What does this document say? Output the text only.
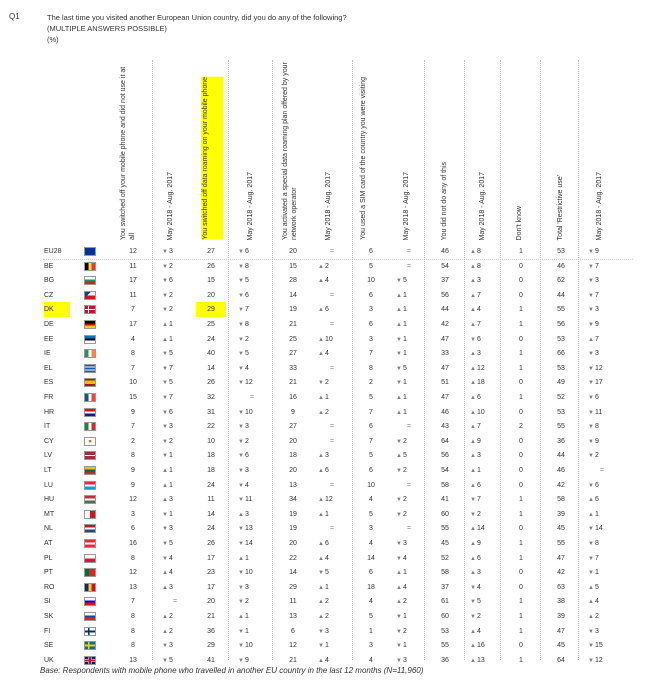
Q1	The last time you visited another European Union country, did you do any of the following?
(MULTIPLE ANSWERS POSSIBLE)
(%)
You switched off your mobile phone and did not use it at all	May 2018 - Aug. 2017	You switched off data roaming on your mobile phone	May 2018 - Aug. 2017	You activated a special data roaming plan offered by your network operator	May 2018 - Aug. 2017	You used a SIM card of the country you were visiting	May 2018 - Aug. 2017	You did not do any of this	May 2018 - Aug. 2017	Don't know	Total 'Restrictive use'	May 2018 - Aug. 2017
EU28	12	▼3	27	▼6	20	=	6	=	46	▲8	1	53	▼9
BE	11	▼2	26	▼8	15	▲2	5	=	54	▲8	0	46	▼7
BG	17	▼6	15	▼5	28	▲4	10	▼5	37	▲3	0	62	▼3
CZ	11	▼2	20	▼6	14	=	6	▲1	56	▲7	0	44	▼7
DK	7	▼2	29	▼7	19	▲6	3	▲1	44	▲4	1	55	▼3
DE	17	▲1	25	▼8	21	=	6	▲1	42	▲7	1	56	▼9
EE	4	▲1	24	▼2	25	▲10	3	▼1	47	▼6	0	53	▲7
IE	8	▼5	40	▼5	27	▲4	7	▼1	33	▲3	1	66	▼3
EL	7	▼7	14	▼4	33	=	8	▼5	47	▲12	1	53	▼12
ES	10	▼5	26	▼12	21	▼2	2	▼1	51	▲18	0	49	▼17
FR	15	▼7	32	=	16	▲1	5	▲1	47	▲6	1	52	▼6
HR	9	▼6	31	▼10	9	▲2	7	▲1	46	▲10	0	53	▼11
IT	7	▼3	22	▼3	27	=	6	=	43	▲7	2	55	▼8
CY	2	▼2	10	▼2	20	=	7	▼2	64	▲9	0	36	▼9
LV	8	▼1	18	▼6	18	▲3	5	▲5	56	▲3	0	44	▼2
LT	9	▲1	18	▼3	20	▲6	6	▼2	54	▲1	0	46	=
LU	9	▲1	24	▼4	13	=	10	=	58	▲6	0	42	▼6
HU	12	▲3	11	▼11	34	▲12	4	▼2	41	▼7	1	58	▲6
MT	3	▼1	14	▲3	19	▲1	5	▼2	60	▼2	1	39	▲1
NL	6	▼3	24	▼13	19	=	3	=	55	▲14	0	45	▼14
AT	16	▼5	26	▼14	20	▲6	4	▼3	45	▲9	1	55	▼8
PL	8	▼4	17	▲1	22	▲4	14	▼4	52	▲6	1	47	▼7
PT	12	▲4	23	▼10	14	▼5	6	▲1	58	▲3	0	42	▼1
RO	13	▲3	17	▼3	29	▲1	18	▲4	37	▼4	0	63	▲5
SI	7	=	20	▼2	11	▲2	4	▲2	61	▼5	1	38	▲4
SK	8	▲2	21	▲1	13	▲2	5	▼1	60	▼2	1	39	▲2
FI	8	▲2	36	▼1	6	▼3	1	▼2	53	▲4	1	47	▼3
SE	8	▼3	29	▼10	12	▼1	3	▼1	55	▲16	0	45	▼15
UK	13	▼5	41	▼9	21	▲4	4	▼3	36	▲13	1	64	▼12
Base: Respondents with mobile phone who travelled in another EU country in the last 12 months (N=11,960)
